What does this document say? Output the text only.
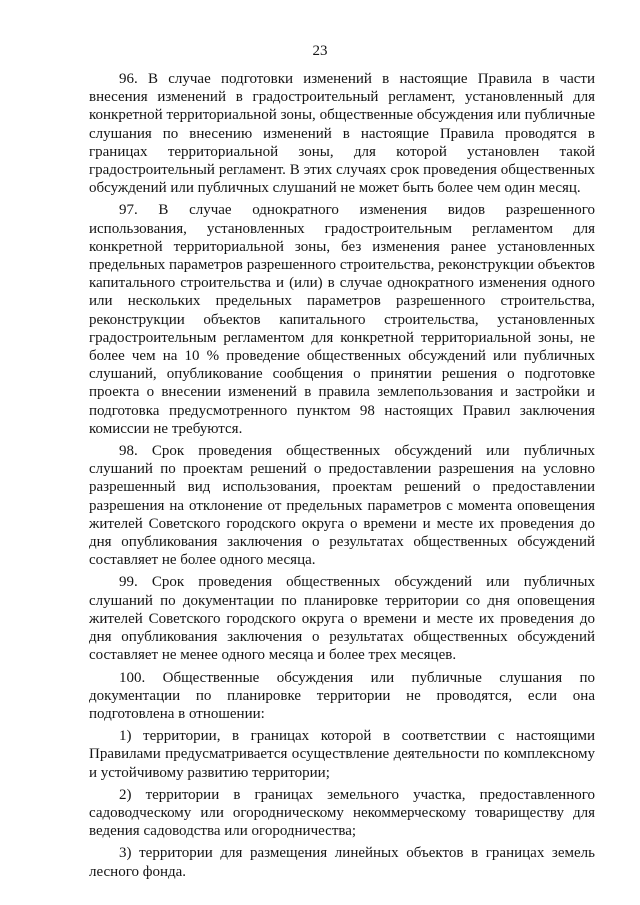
23

96. В случае подготовки изменений в настоящие Правила в части внесения изменений в градостроительный регламент, установленный для конкретной территориальной зоны, общественные обсуждения или публичные слушания по внесению изменений в настоящие Правила проводятся в границах территориальной зоны, для которой установлен такой градостроительный регламент. В этих случаях срок проведения общественных обсуждений или публичных слушаний не может быть более чем один месяц.

97. В случае однократного изменения видов разрешенного использования, установленных градостроительным регламентом для конкретной территориальной зоны, без изменения ранее установленных предельных параметров разрешенного строительства, реконструкции объектов капитального строительства и (или) в случае однократного изменения одного или нескольких предельных параметров разрешенного строительства, реконструкции объектов капитального строительства, установленных градостроительным регламентом для конкретной территориальной зоны, не более чем на 10 % проведение общественных обсуждений или публичных слушаний, опубликование сообщения о принятии решения о подготовке проекта о внесении изменений в правила землепользования и застройки и подготовка предусмотренного пунктом 98 настоящих Правил заключения комиссии не требуются.

98. Срок проведения общественных обсуждений или публичных слушаний по проектам решений о предоставлении разрешения на условно разрешенный вид использования, проектам решений о предоставлении разрешения на отклонение от предельных параметров с момента оповещения жителей Советского городского округа о времени и месте их проведения до дня опубликования заключения о результатах общественных обсуждений составляет не более одного месяца.

99. Срок проведения общественных обсуждений или публичных слушаний по документации по планировке территории со дня оповещения жителей Советского городского округа о времени и месте их проведения до дня опубликования заключения о результатах общественных обсуждений составляет не менее одного месяца и более трех месяцев.

100. Общественные обсуждения или публичные слушания по документации по планировке территории не проводятся, если она подготовлена в отношении:

1) территории, в границах которой в соответствии с настоящими Правилами предусматривается осуществление деятельности по комплексному и устойчивому развитию территории;

2) территории в границах земельного участка, предоставленного садоводческому или огородническому некоммерческому товариществу для ведения садоводства или огородничества;

3) территории для размещения линейных объектов в границах земель лесного фонда.
